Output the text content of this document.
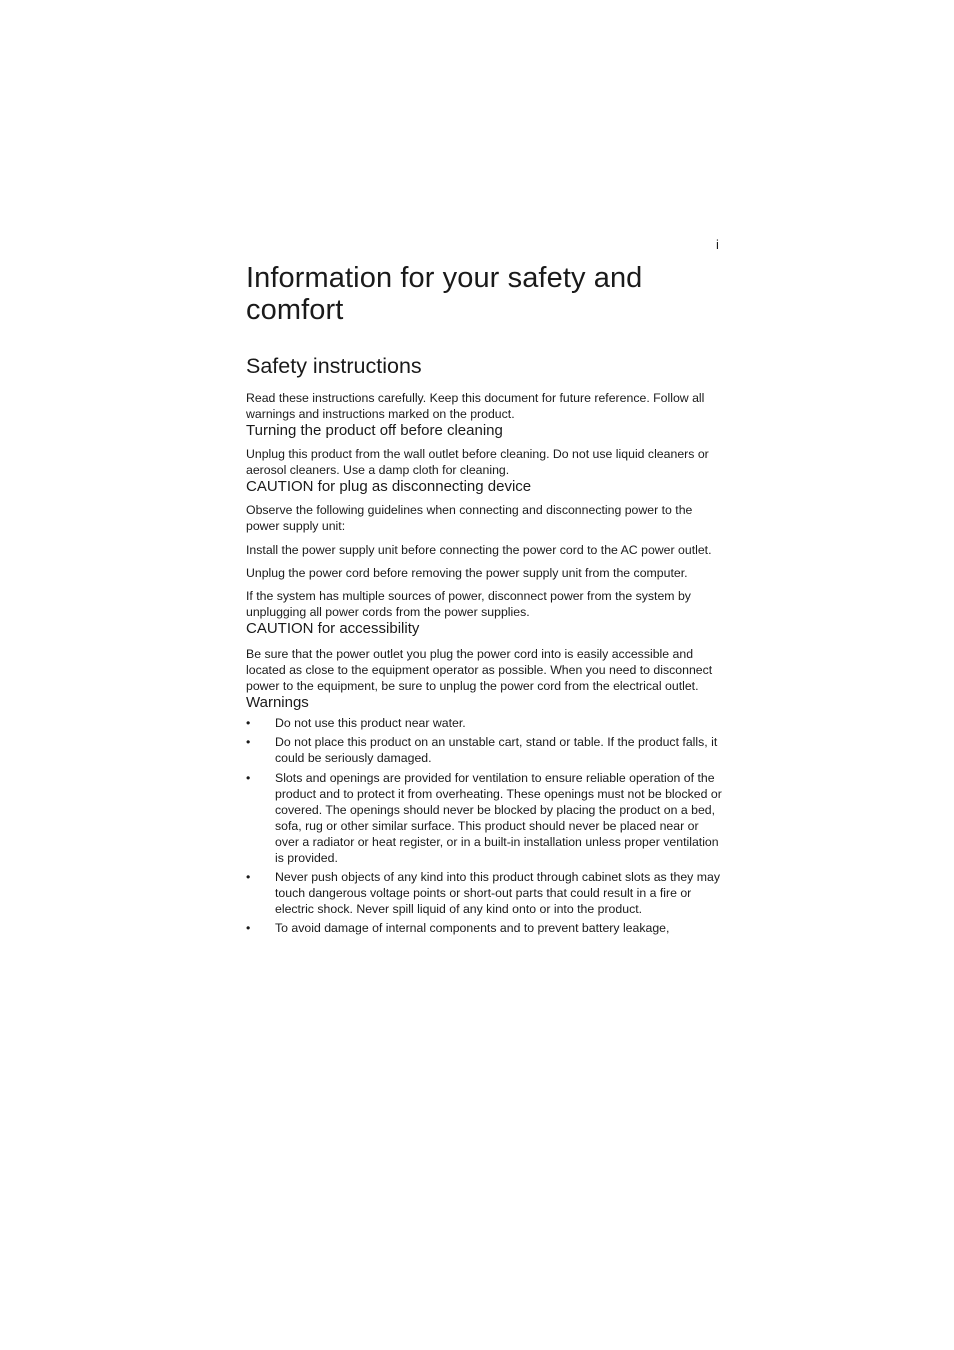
i
Information for your safety and comfort
Safety instructions

Read these instructions carefully. Keep this document for future reference. Follow all warnings and instructions marked on the product.

Turning the product off before cleaning

Unplug this product from the wall outlet before cleaning. Do not use liquid cleaners or aerosol cleaners. Use a damp cloth for cleaning.

CAUTION for plug as disconnecting device

Observe the following guidelines when connecting and disconnecting power to the power supply unit:

Install the power supply unit before connecting the power cord to the AC power outlet.

Unplug the power cord before removing the power supply unit from the computer.

If the system has multiple sources of power, disconnect power from the system by unplugging all power cords from the power supplies.

CAUTION for accessibility

Be sure that the power outlet you plug the power cord into is easily accessible and located as close to the equipment operator as possible. When you need to disconnect power to the equipment, be sure to unplug the power cord from the electrical outlet.

Warnings
• Do not use this product near water.
• Do not place this product on an unstable cart, stand or table. If the product falls, it could be seriously damaged.
• Slots and openings are provided for ventilation to ensure reliable operation of the product and to protect it from overheating. These openings must not be blocked or covered. The openings should never be blocked by placing the product on a bed, sofa, rug or other similar surface. This product should never be placed near or over a radiator or heat register, or in a built-in installation unless proper ventilation is provided.
• Never push objects of any kind into this product through cabinet slots as they may touch dangerous voltage points or short-out parts that could result in a fire or electric shock. Never spill liquid of any kind onto or into the product.
• To avoid damage of internal components and to prevent battery leakage,
